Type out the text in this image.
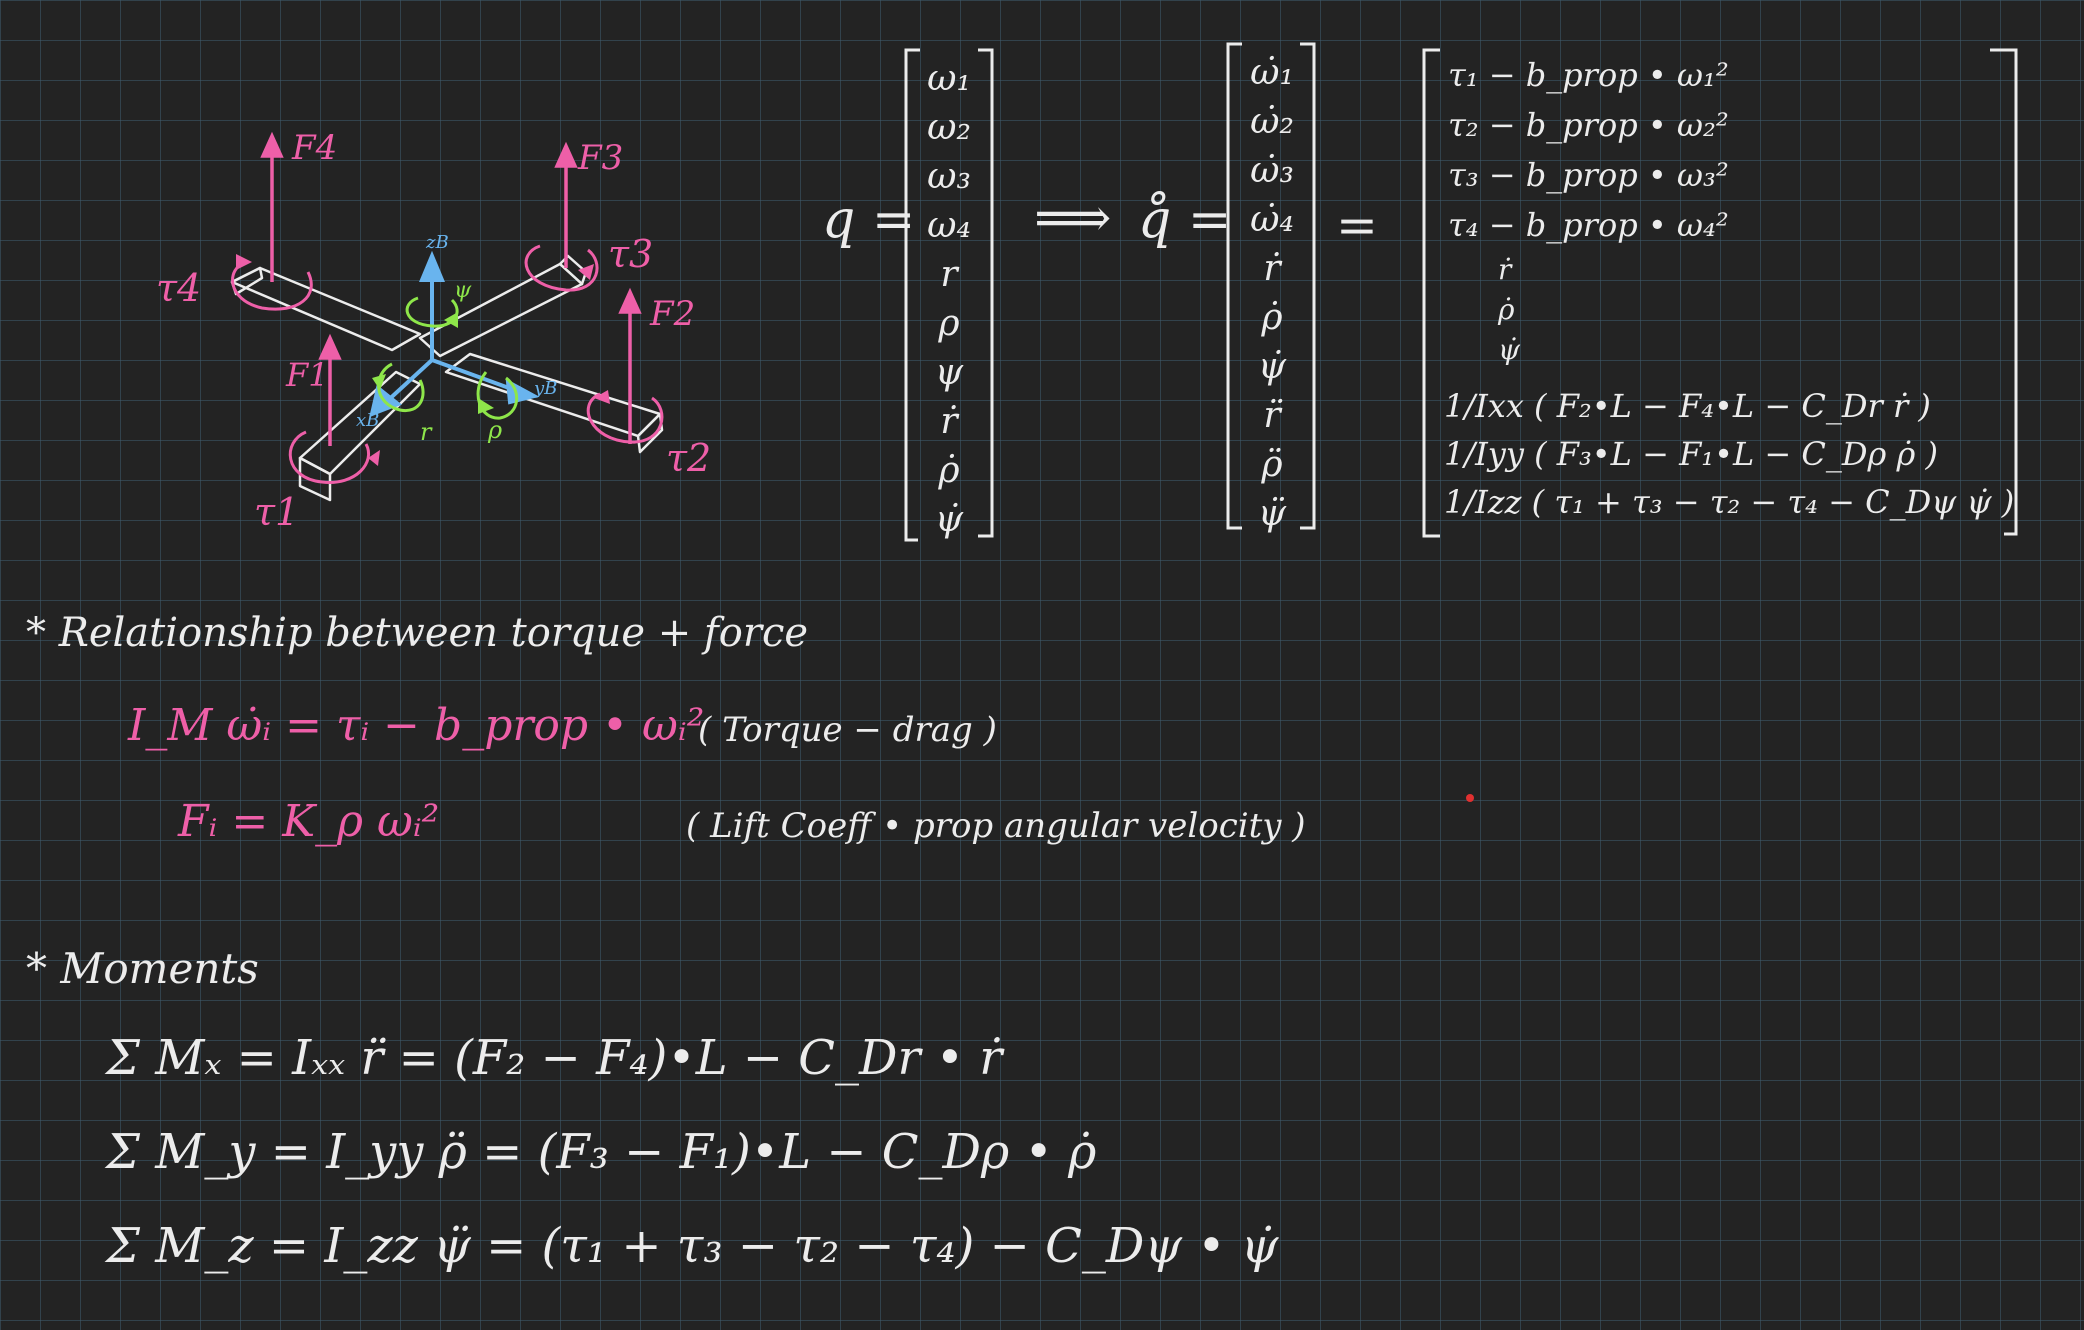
F4	F3
F2
F1
τ4
τ3
τ2
τ1
zB
xB
yB
ψ
r ρ
q =
ω₁
ω₂
ω₃
ω₄
r
ρ
ψ
ṙ
ρ̇
ψ̇
⟹ q̊ =
ω̇₁
ω̇₂
ω̇₃
ω̇₄
ṙ
ρ̇
ψ̇
r̈
ρ̈
ψ̈
=
τ₁ − b_prop • ω₁²
τ₂ − b_prop • ω₂²
τ₃ − b_prop • ω₃²
τ₄ − b_prop • ω₄²
ṙ
ρ̇
ψ̇
1/Ixx ( F₂•L − F₄•L − C_Dr ṙ )
1/Iyy ( F₃•L − F₁•L − C_Dρ ρ̇ )
1/Izz ( τ₁ + τ₃ − τ₂ − τ₄ − C_Dψ ψ̇ )
* Relationship between torque + force
I_M ω̇ᵢ = τᵢ − b_prop • ωᵢ²
( Torque − drag )
Fᵢ = K_ρ ωᵢ²	( Lift Coeff • prop angular velocity )
* Moments
Σ Mₓ = Iₓₓ r̈ = (F₂ − F₄)•L − C_Dr • ṙ
Σ M_y = I_yy ρ̈ = (F₃ − F₁)•L − C_Dρ • ρ̇
Σ M_z = I_zz ψ̈ = (τ₁ + τ₃ − τ₂ − τ₄) − C_Dψ • ψ̇
